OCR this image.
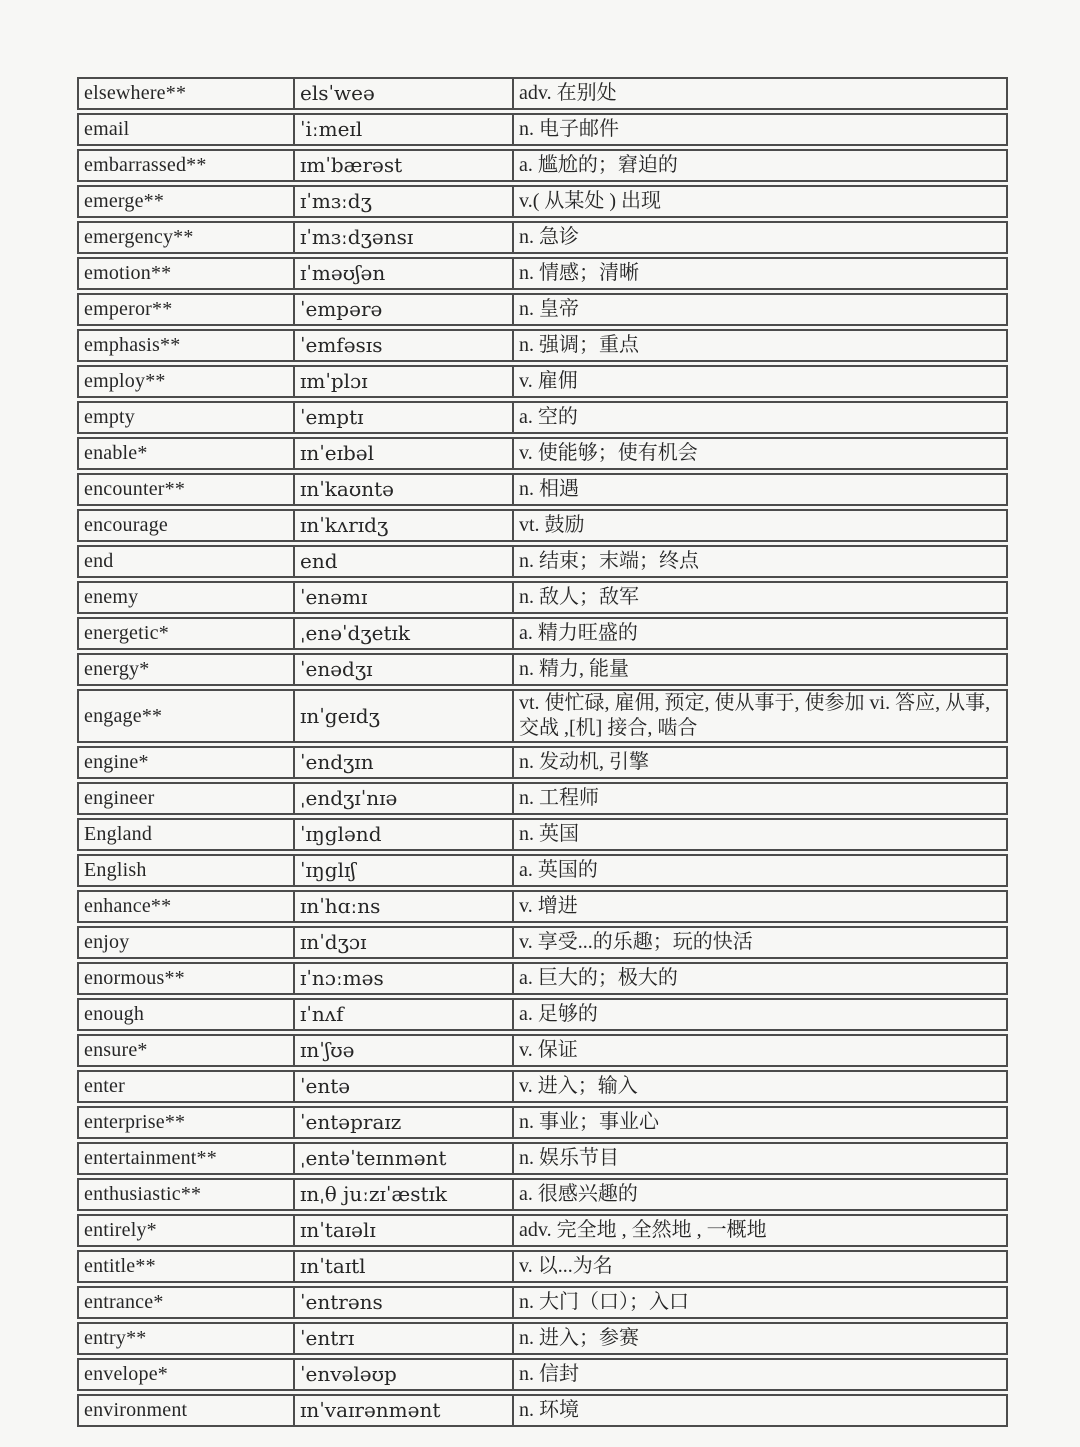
elsewhere**	elsˈweə	adv. 在别处
email	ˈiːmeɪl	n. 电子邮件
embarrassed**	ɪmˈbærəst	a. 尴尬的；窘迫的
emerge**	ɪˈmɜːdʒ	v.( 从某处 ) 出现
emergency**	ɪˈmɜːdʒənsɪ	n. 急诊
emotion**	ɪˈməʊʃən	n. 情感；清晰
emperor**	ˈempərə	n. 皇帝
emphasis**	ˈemfəsɪs	n. 强调；重点
employ**	ɪmˈplɔɪ	v. 雇佣
empty	ˈemptɪ	a. 空的
enable*	ɪnˈeɪbəl	v. 使能够；使有机会
encounter**	ɪnˈkaʊntə	n. 相遇
encourage	ɪnˈkʌrɪdʒ	vt. 鼓励
end	end	n. 结束；末端；终点
enemy	ˈenəmɪ	n. 敌人；敌军
energetic*	ˌenəˈdʒetɪk	a. 精力旺盛的
energy*	ˈenədʒɪ	n. 精力, 能量
engage**	ɪnˈgeɪdʒ	vt. 使忙碌, 雇佣, 预定, 使从事于, 使参加 vi. 答应, 从事, 交战 ,[机] 接合, 啮合
engine*	ˈendʒɪn	n. 发动机, 引擎
engineer	ˌendʒɪˈnɪə	n. 工程师
England	ˈɪŋglənd	n. 英国
English	ˈɪŋglɪʃ	a. 英国的
enhance**	ɪnˈhɑːns	v. 增进
enjoy	ɪnˈdʒɔɪ	v. 享受...的乐趣；玩的快活
enormous**	ɪˈnɔːməs	a. 巨大的；极大的
enough	ɪˈnʌf	a. 足够的
ensure*	ɪnˈʃʊə	v. 保证
enter	ˈentə	v. 进入；输入
enterprise**	ˈentəpraɪz	n. 事业；事业心
entertainment**	ˌentəˈteɪnmənt	n. 娱乐节目
enthusiastic**	ɪnˌθ juːzɪˈæstɪk	a. 很感兴趣的
entirely*	ɪnˈtaɪəlɪ	adv. 完全地 , 全然地 , 一概地
entitle**	ɪnˈtaɪtl	v. 以...为名
entrance*	ˈentrəns	n. 大门（口）；入口
entry**	ˈentrɪ	n. 进入；参赛
envelope*	ˈenvələʊp	n. 信封
environment	ɪnˈvaɪrənmənt	n. 环境
